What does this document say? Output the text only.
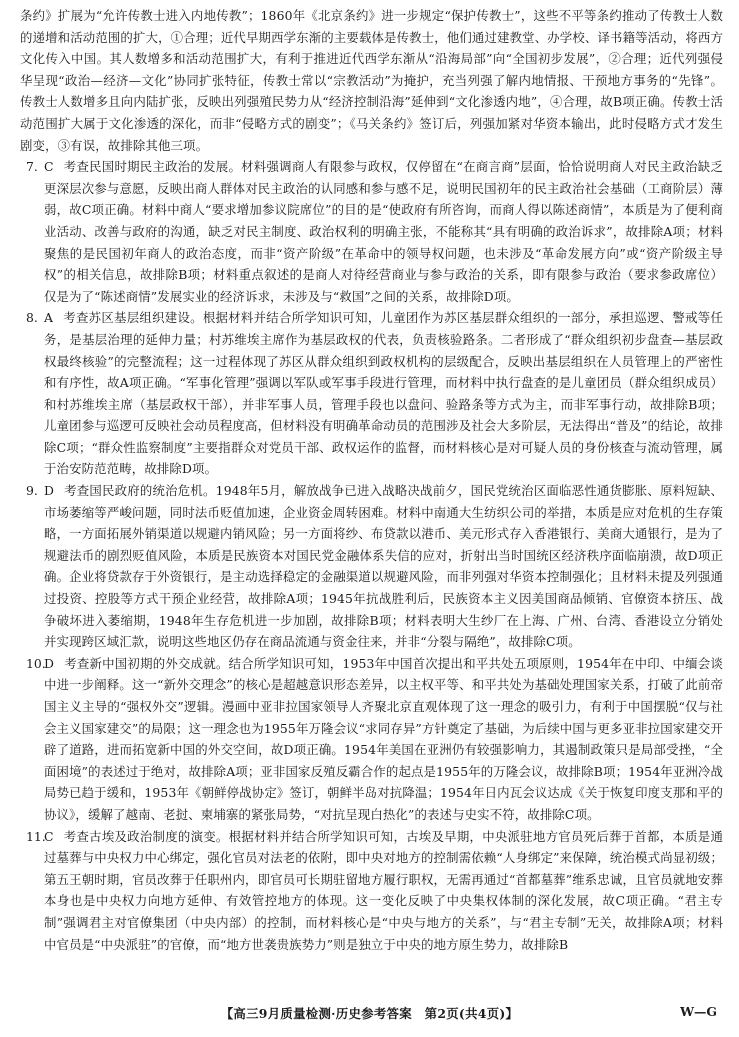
条约》扩展为“允许传教士进入内地传教”；1860年《北京条约》进一步规定“保护传教士”，这些不平等条约推动了传教士人数的递增和活动范围的扩大，①合理；近代早期西学东渐的主要载体是传教士，他们通过建教堂、办学校、译书籍等活动，将西方文化传入中国。其人数增多和活动范围扩大，有利于推进近代西学东渐从“沿海局部”向“全国初步发展”，②合理；近代列强侵华呈现“政治—经济—文化”协同扩张特征，传教士常以“宗教活动”为掩护，充当列强了解内地情报、干预地方事务的“先锋”。传教士人数增多且向内陆扩张，反映出列强殖民势力从“经济控制沿海”延伸到“文化渗透内地”，④合理，故B项正确。传教士活动范围扩大属于文化渗透的深化，而非“侵略方式的剧变”；《马关条约》签订后，列强加紧对华资本输出，此时侵略方式才发生剧变，③有误，故排除其他三项。

7. C 考查民国时期民主政治的发展。材料强调商人有限参与政权，仅停留在“在商言商”层面，恰恰说明商人对民主政治缺乏更深层次参与意愿，反映出商人群体对民主政治的认同感和参与感不足，说明民国初年的民主政治社会基础（工商阶层）薄弱，故C项正确。材料中商人“要求增加参议院席位”的目的是“使政府有所咨询，而商人得以陈述商情”，本质是为了便利商业活动、改善与政府的沟通，缺乏对民主制度、政治权利的明确主张，不能称其“具有明确的政治诉求”，故排除A项；材料聚焦的是民国初年商人的政治态度，而非“资产阶级”在革命中的领导权问题，也未涉及“革命发展方向”或“资产阶级主导权”的相关信息，故排除B项；材料重点叙述的是商人对待经营商业与参与政治的关系，即有限参与政治（要求参政席位）仅是为了“陈述商情”发展实业的经济诉求，未涉及与“救国”之间的关系，故排除D项。

8. A 考查苏区基层组织建设。根据材料并结合所学知识可知，儿童团作为苏区基层群众组织的一部分，承担巡逻、警戒等任务，是基层治理的延伸力量；村苏维埃主席作为基层政权的代表，负责核验路条。二者形成了“群众组织初步盘查—基层政权最终核验”的完整流程；这一过程体现了苏区从群众组织到政权机构的层级配合，反映出基层组织在人员管理上的严密性和有序性，故A项正确。“军事化管理”强调以军队或军事手段进行管理，而材料中执行盘查的是儿童团员（群众组织成员）和村苏维埃主席（基层政权干部），并非军事人员，管理手段也以盘问、验路条等方式为主，而非军事行动，故排除B项；儿童团参与巡逻可反映社会动员程度高，但材料没有明确革命动员的范围涉及社会大多阶层，无法得出“普及”的结论，故排除C项；“群众性监察制度”主要指群众对党员干部、政权运作的监督，而材料核心是对可疑人员的身份核查与流动管理，属于治安防范范畴，故排除D项。

9. D 考查国民政府的统治危机。1948年5月，解放战争已进入战略决战前夕，国民党统治区面临恶性通货膨胀、原料短缺、市场萎缩等严峻问题，同时法币贬值加速，企业资金周转困难。材料中南通大生纺织公司的举措，本质是应对危机的生存策略，一方面拓展外销渠道以规避内销风险；另一方面将纱、布贷款以港币、美元形式存入香港银行、美商大通银行，是为了规避法币的剧烈贬值风险，本质是民族资本对国民党金融体系失信的应对，折射出当时国统区经济秩序面临崩溃，故D项正确。企业将贷款存于外资银行，是主动选择稳定的金融渠道以规避风险，而非列强对华资本控制强化；且材料未提及列强通过投资、控股等方式干预企业经营，故排除A项；1945年抗战胜利后，民族资本主义因美国商品倾销、官僚资本挤压、战争破坏进入萎缩期，1948年生存危机进一步加剧，故排除B项；材料表明大生纱厂在上海、广州、台湾、香港设立分销处并实现跨区域汇款，说明这些地区仍存在商品流通与资金往来，并非“分裂与隔绝”，故排除C项。

10.

D 考查新中国初期的外交成就。结合所学知识可知，1953年中国首次提出和平共处五项原则，1954年在中印、中缅会谈中进一步阐释。这一“新外交理念”的核心是超越意识形态差异，以主权平等、和平共处为基础处理国家关系，打破了此前帝国主义主导的“强权外交”逻辑。漫画中亚非拉国家领导人齐聚北京直观体现了这一理念的吸引力，有利于中国摆脱“仅与社会主义国家建交”的局限；这一理念也为1955年万隆会议“求同存异”方针奠定了基础，为后续中国与更多亚非拉国家建交开辟了道路，进而拓宽新中国的外交空间，故D项正确。1954年美国在亚洲仍有较强影响力，其遏制政策只是局部受挫，“全面困境”的表述过于绝对，故排除A项；亚非国家反殖反霸合作的起点是1955年的万隆会议，故排除B项；1954年亚洲冷战局势已趋于缓和，1953年《朝鲜停战协定》签订，朝鲜半岛对抗降温；1954年日内瓦会议达成《关于恢复印度支那和平的协议》，缓解了越南、老挝、柬埔寨的紧张局势，“对抗呈现白热化”的表述与史实不符，故排除C项。

11.

C 考查古埃及政治制度的演变。根据材料并结合所学知识可知，古埃及早期，中央派驻地方官员死后葬于首都，本质是通过墓葬与中央权力中心绑定，强化官员对法老的依附，即中央对地方的控制需依赖“人身绑定”来保障，统治模式尚显初级；第五王朝时期，官员改葬于任职州内，即官员可长期驻留地方履行职权，无需再通过“首都墓葬”维系忠诚，且官员就地安葬本身也是中央权力向地方延伸、有效管控地方的体现。这一变化反映了中央集权体制的深化发展，故C项正确。“君主专制”强调君主对官僚集团（中央内部）的控制，而材料核心是“中央与地方的关系”，与“君主专制”无关，故排除A项；材料中官员是“中央派驻”的官僚，而“地方世袭贵族势力”则是独立于中央的地方原生势力，故排除B

【高三9月质量检测·历史参考答案　第2页(共4页)】	W—G
